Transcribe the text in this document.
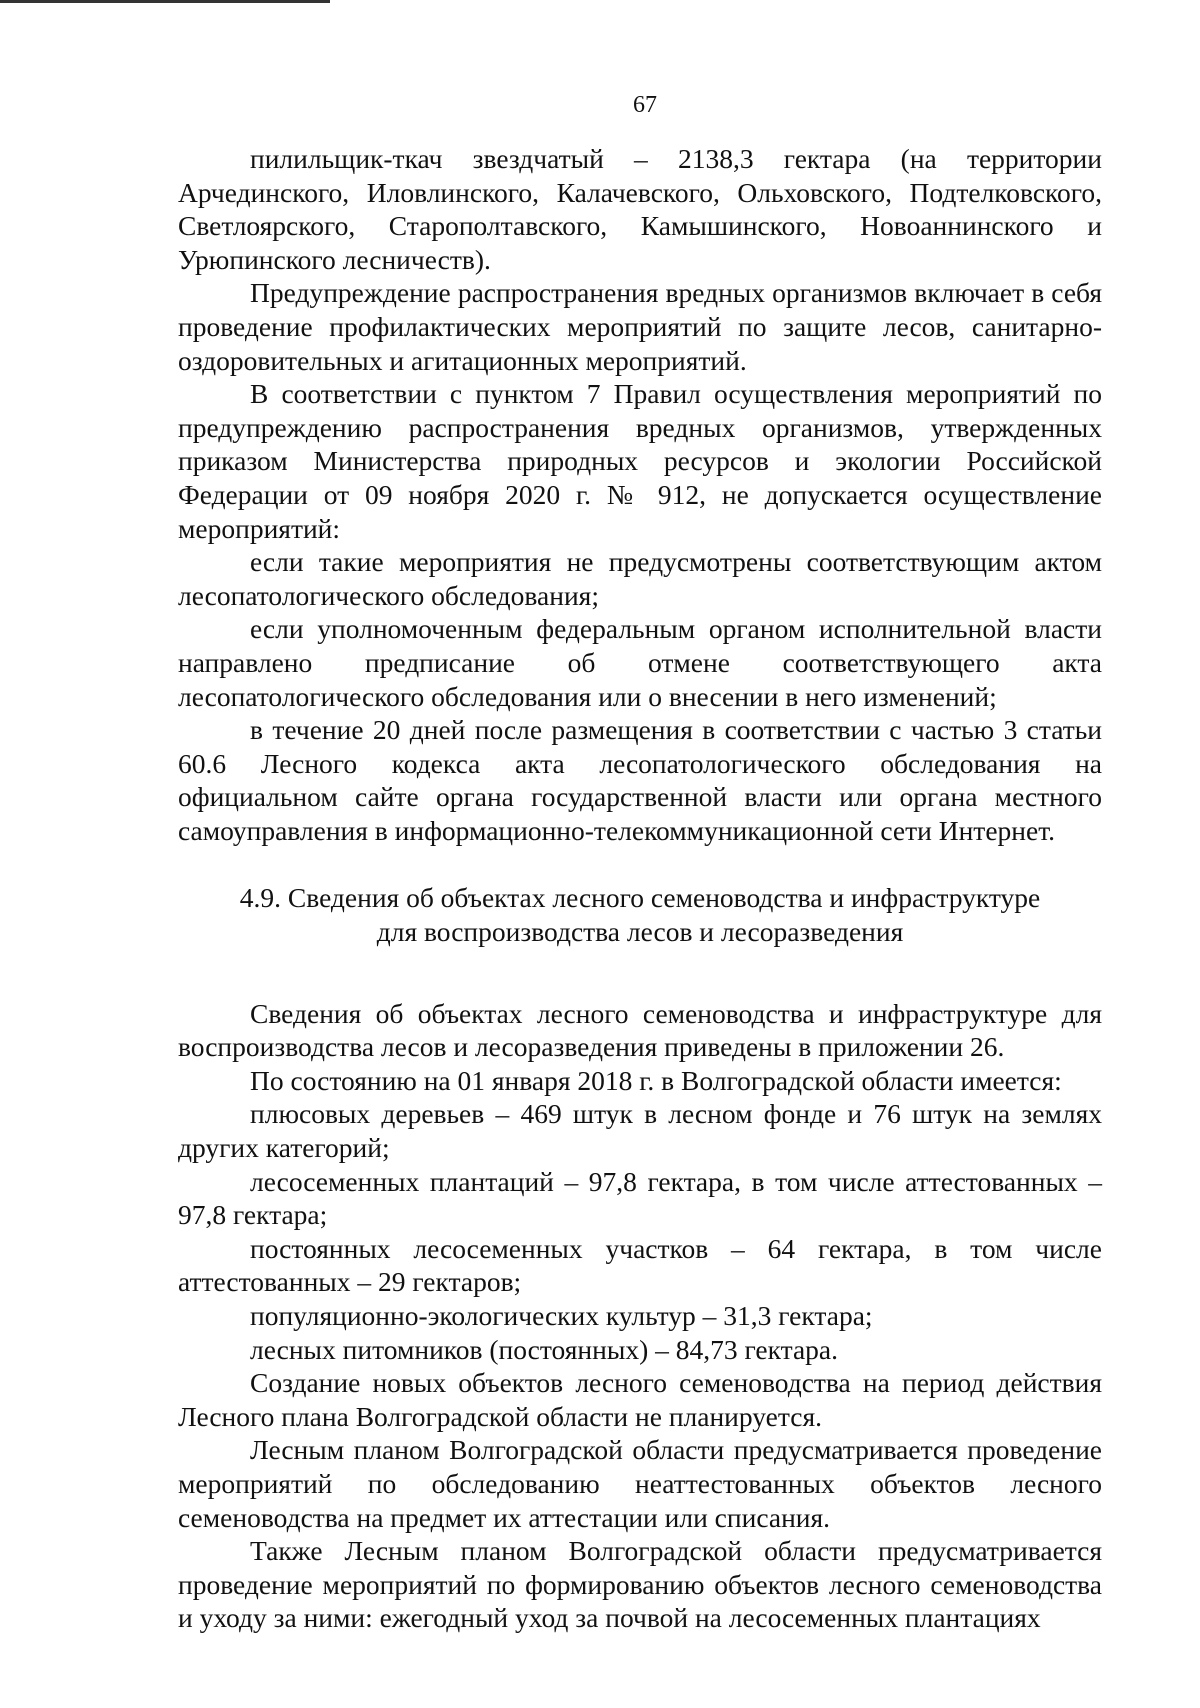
67

пилильщик-ткач звездчатый – 2138,3 гектара (на территории Арчединского, Иловлинского, Калачевского, Ольховского, Подтелковского, Светлоярского, Старополтавского, Камышинского, Новоаннинского и Урюпинского лесничеств).

Предупреждение распространения вредных организмов включает в себя проведение профилактических мероприятий по защите лесов, санитарно-оздоровительных и агитационных мероприятий.

В соответствии с пунктом 7 Правил осуществления мероприятий по предупреждению распространения вредных организмов, утвержденных приказом Министерства природных ресурсов и экологии Российской Федерации от 09 ноября 2020 г. № 912, не допускается осуществление мероприятий:

если такие мероприятия не предусмотрены соответствующим актом лесопатологического обследования;

если уполномоченным федеральным органом исполнительной власти направлено предписание об отмене соответствующего акта лесопатологического обследования или о внесении в него изменений;

в течение 20 дней после размещения в соответствии с частью 3 статьи 60.6 Лесного кодекса акта лесопатологического обследования на официальном сайте органа государственной власти или органа местного самоуправления в информационно-телекоммуникационной сети Интернет.

4.9. Сведения об объектах лесного семеноводства и инфраструктуре
для воспроизводства лесов и лесоразведения

Сведения об объектах лесного семеноводства и инфраструктуре для воспроизводства лесов и лесоразведения приведены в приложении 26.

По состоянию на 01 января 2018 г. в Волгоградской области имеется:

плюсовых деревьев – 469 штук в лесном фонде и 76 штук на землях других категорий;

лесосеменных плантаций – 97,8 гектара, в том числе аттестованных – 97,8 гектара;

постоянных лесосеменных участков – 64 гектара, в том числе аттестованных – 29 гектаров;

популяционно-экологических культур – 31,3 гектара;

лесных питомников (постоянных) – 84,73 гектара.

Создание новых объектов лесного семеноводства на период действия Лесного плана Волгоградской области не планируется.

Лесным планом Волгоградской области предусматривается проведение мероприятий по обследованию неаттестованных объектов лесного семеноводства на предмет их аттестации или списания.

Также Лесным планом Волгоградской области предусматривается проведение мероприятий по формированию объектов лесного семеноводства и уходу за ними: ежегодный уход за почвой на лесосеменных плантациях
